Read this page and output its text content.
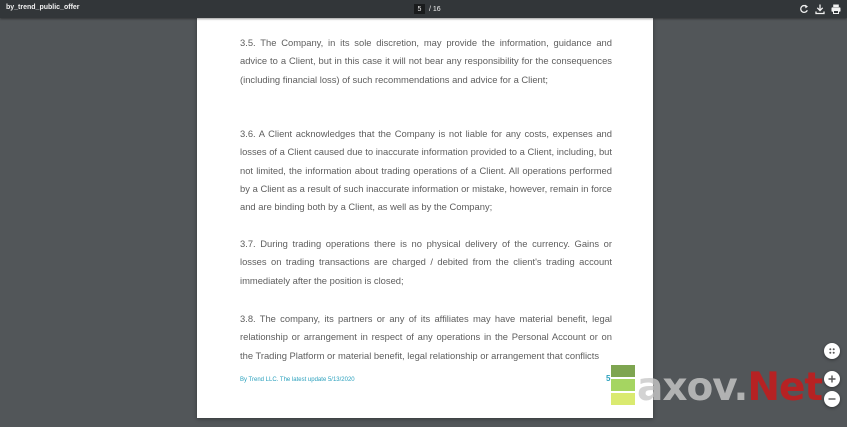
by_trend_public_offer
5	/ 16

3.5. The Company, in its sole discretion, may provide the information, guidance and advice to a Client, but in this case it will not bear any responsibility for the consequences (including financial loss) of such recommendations and advice for a Client;

3.6. A Client acknowledges that the Company is not liable for any costs, expenses and losses of a Client caused due to inaccurate information provided to a Client, including, but not limited, the information about trading operations of a Client. All operations performed by a Client as a result of such inaccurate information or mistake, however, remain in force and are binding both by a Client, as well as by the Company;

3.7. During trading operations there is no physical delivery of the currency. Gains or losses on trading transactions are charged / debited from the client's trading account immediately after the position is closed;

3.8. The company, its partners or any of its affiliates may have material benefit, legal relationship or arrangement in respect of any operations in the Personal Account or on the Trading Platform or material benefit, legal relationship or arrangement that conflicts

By Trend LLC. The latest update 5/13/2020	5 axov.Net
